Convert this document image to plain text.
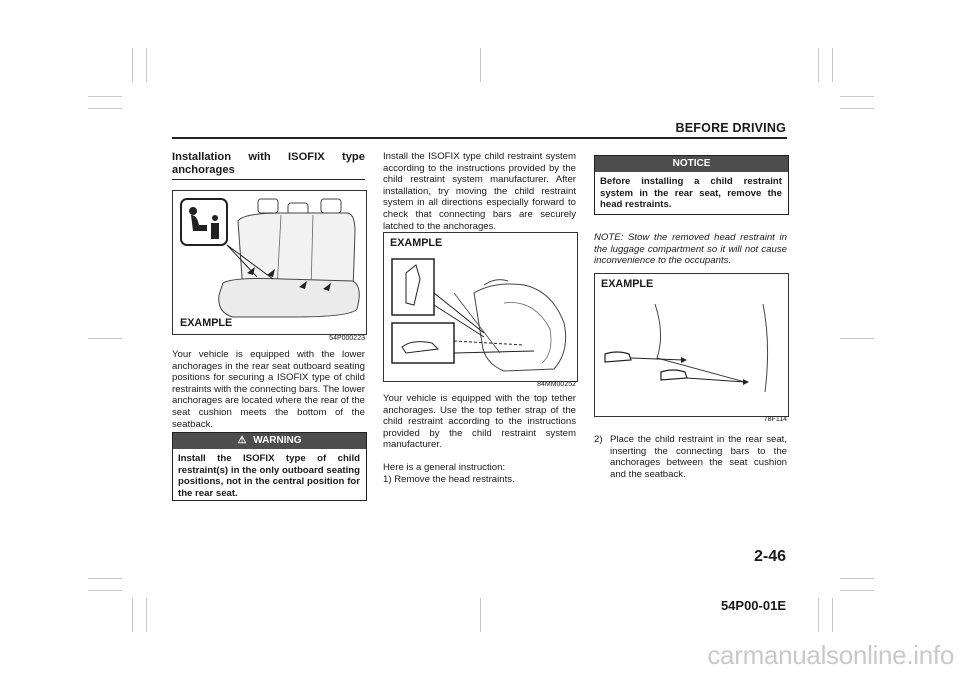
BEFORE DRIVING
Installation with ISOFIX type anchorages
EXAMPLE
54P000223

Your vehicle is equipped with the lower anchorages in the rear seat outboard seating positions for securing a ISOFIX type of child restraints with the connecting bars. The lower anchorages are located where the rear of the seat cushion meets the bottom of the seatback.

⚠ WARNING
Install the ISOFIX type of child restraint(s) in the only outboard seating positions, not in the central position for the rear seat.

Install the ISOFIX type child restraint system according to the instructions provided by the child restraint system manufacturer. After installation, try moving the child restraint system in all directions especially forward to check that connecting bars are securely latched to the anchorages.

EXAMPLE
84MM00252

Your vehicle is equipped with the top tether anchorages. Use the top tether strap of the child restraint according to the instructions provided by the child restraint system manufacturer.

Here is a general instruction:

1) Remove the head restraints.

NOTICE
Before installing a child restraint system in the rear seat, remove the head restraints.

NOTE: Stow the removed head restraint in the luggage compartment so it will not cause inconvenience to the occupants.

EXAMPLE
78F114
2) Place the child restraint in the rear seat, inserting the connecting bars to the anchorages between the seat cushion and the seatback.
2-46
54P00-01E
carmanualsonline.info
